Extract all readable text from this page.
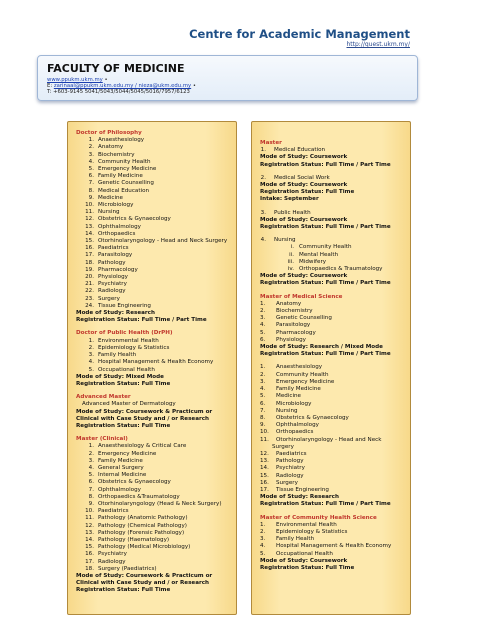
Centre for Academic Management
http://quest.ukm.my/
FACULTY OF MEDICINE
www.ppukm.ukm.my •
E: zarinaal@ppukm.ukm.edu.my / nieza@ukm.edu.my •
T: +603-9145 5041/5043/5044/5045/5016/7957/6123
Doctor of Philosophy
1. Anaesthesiology
2. Anatomy
3. Biochemistry
4. Community Health
5. Emergency Medicine
6. Family Medicine
7. Genetic Counselling
8. Medical Education
9. Medicine
10. Microbiology
11. Nursing
12. Obstetrics & Gynaecology
13. Ophthalmology
14. Orthopaedics
15. Otorhinolaryngology - Head and Neck Surgery
16. Paediatrics
17. Parasitology
18. Pathology
19. Pharmacology
20. Physiology
21. Psychiatry
22. Radiology
23. Surgery
24. Tissue Engineering
Mode of Study: Research
Registration Status: Full Time / Part Time
Doctor of Public Health (DrPH)
1. Environmental Health
2. Epidemiology & Statistics
3. Family Health
4. Hospital Management & Health Economy
5. Occupational Health
Mode of Study: Mixed Mode
Registration Status: Full Time
Advanced Master
Advanced Master of Dermatology
Mode of Study: Coursework & Practicum or
Clinical with Case Study and / or Research
Registration Status: Full Time
Master (Clinical)
1. Anaesthesiology & Critical Care
2. Emergency Medicine
3. Family Medicine
4. General Surgery
5. Internal Medicine
6. Obstetrics & Gynaecology
7. Ophthalmology
8. Orthopaedics &Traumatology
9. Otorhinolaryngology (Head & Neck Surgery)
10. Paediatrics
11. Pathology (Anatomic Pathology)
12. Pathology (Chemical Pathology)
13. Pathology (Forensic Pathology)
14. Pathology (Haematology)
15. Pathology (Medical Microbiology)
16. Psychiatry
17. Radiology
18. Surgery (Paediatrics)
Mode of Study: Coursework & Practicum or
Clinical with Case Study and / or Research
Registration Status: Full Time
Master
1.	Medical Education
Mode of Study: Coursework
Registration Status: Full Time / Part Time
2.	Medical Social Work
Mode of Study: Coursework
Registration Status: Full Time
Intake: September
3.	Public Health
Mode of Study: Coursework
Registration Status: Full Time / Part Time
4.	Nursing
i. Community Health
ii. Mental Health
iii. Midwifery
iv. Orthopaedics & Traumatology
Mode of Study: Coursework
Registration Status: Full Time / Part Time
Master of Medical Science
1.	Anatomy
2.	Biochemistry
3.	Genetic Counselling
4.	Parasitology
5.	Pharmacology
6.	Physiology
Mode of Study: Research / Mixed Mode
Registration Status: Full Time / Part Time
1.	Anaesthesiology
2.	Community Health
3.	Emergency Medicine
4.	Family Medicine
5.	Medicine
6.	Microbiology
7.	Nursing
8.	Obstetrics & Gynaecology
9.	Ophthalmology
10.	Orthopaedics
11.	Otorhinolaryngology - Head and Neck
Surgery
12.	Paediatrics
13.	Pathology
14.	Psychiatry
15.	Radiology
16.	Surgery
17.	Tissue Engineering
Mode of Study: Research
Registration Status: Full Time / Part Time
Master of Community Health Science
1.	Environmental Health
2.	Epidemiology & Statistics
3.	Family Health
4.	Hospital Management & Health Economy
5.	Occupational Health
Mode of Study: Coursework
Registration Status: Full Time
